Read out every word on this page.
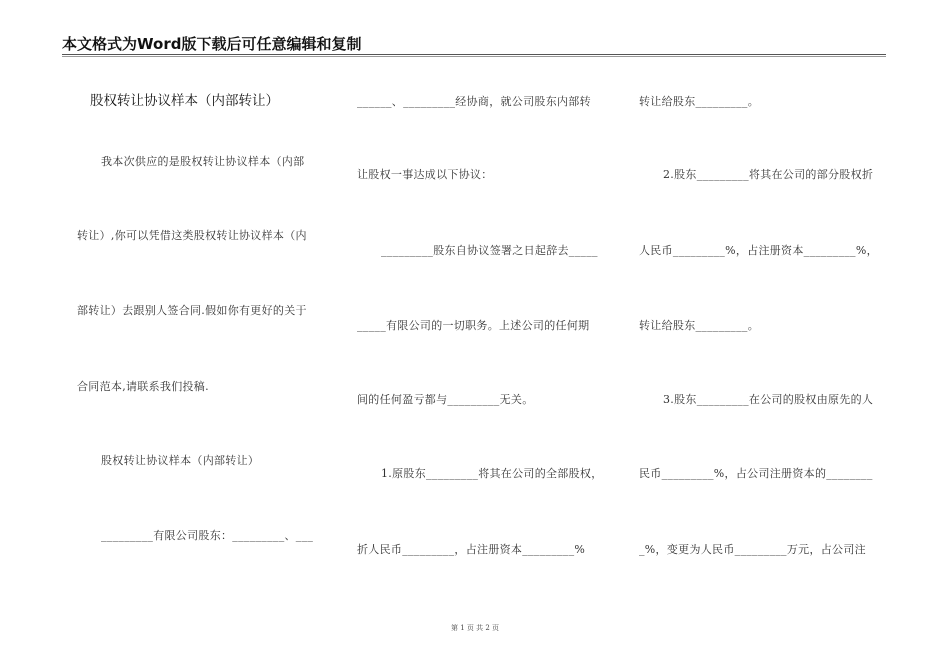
本文格式为Word版下载后可任意编辑和复制
股权转让协议样本（内部转让）
我本次供应的是股权转让协议样本（内部
转让）,你可以凭借这类股权转让协议样本（内
部转让）去跟别人签合同.假如你有更好的关于
合同范本,请联系我们投稿.
股权转让协议样本（内部转让）
_________有限公司股东：_________、___
______、_________经协商，就公司股东内部转
让股权一事达成以下协议：
_________股东自协议签署之日起辞去_____
_____有限公司的一切职务。上述公司的任何期
间的任何盈亏都与_________无关。
1.原股东_________将其在公司的全部股权，
折人民币_________，占注册资本_________%
转让给股东_________。
2.股东_________将其在公司的部分股权折
人民币_________%，占注册资本_________%，
转让给股东_________。
3.股东_________在公司的股权由原先的人
民币_________%，占公司注册资本的________
_%，变更为人民币_________万元，占公司注
第 1 页 共 2 页
